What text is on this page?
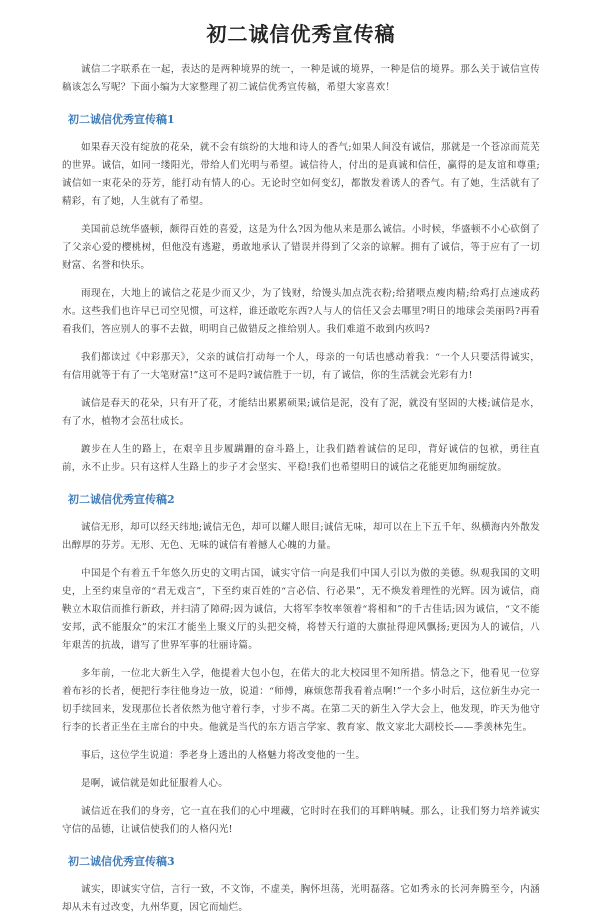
初二诚信优秀宣传稿

诚信二字联系在一起，表达的是两种境界的统一，一种是诚的境界，一种是信的境界。那么关于诚信宣传稿该怎么写呢？下面小编为大家整理了初二诚信优秀宣传稿，希望大家喜欢！

初二诚信优秀宣传稿1

如果春天没有绽放的花朵，就不会有缤纷的大地和诗人的香气;如果人间没有诚信，那就是一个苍凉而荒芜的世界。诚信，如同一缕阳光，带给人们光明与希望。诚信待人，付出的是真诚和信任，赢得的是友谊和尊重;诚信如一束花朵的芬芳，能打动有情人的心。无论时空如何变幻，都散发着诱人的香气。有了她，生活就有了精彩，有了她，人生就有了希望。

美国前总统华盛顿，颇得百姓的喜爱，这是为什么?因为他从来是那么诚信。小时候，华盛顿不小心砍倒了了父亲心爱的樱桃树，但他没有逃避，勇敢地承认了错误并得到了父亲的谅解。拥有了诚信，等于应有了一切财富、名誉和快乐。

雨现在，大地上的诚信之花是少而又少，为了钱财，给馒头加点洗衣粉;给猪喂点瘦肉精;给鸡打点速成药水。这些我们也许早已司空见惯，可这样，谁还敢吃东西?人与人的信任又会去哪里?明日的地球会美丽吗?再看看我们，答应别人的事不去做，明明自己做错反之推给别人。我们难道不敢到内疚吗?

我们都读过《中彩那天》，父亲的诚信打动每一个人，母亲的一句话也感动着我：“一个人只要活得诚实，有信用就等于有了一大笔财富!”这可不是吗?诚信胜于一切，有了诚信，你的生活就会光彩有力!

诚信是春天的花朵，只有开了花，才能结出累累硕果;诚信是泥，没有了泥，就没有坚固的大楼;诚信是水，有了水，植物才会茁壮成长。

踱步在人生的路上，在艰辛且步履蹒跚的奋斗路上，让我们踏着诚信的足印，背好诚信的包袱，勇往直前，永不止步。只有这样人生路上的步子才会坚实、平稳!我们也希望明日的诚信之花能更加绚丽绽放。

初二诚信优秀宣传稿2

诚信无形，却可以经天纬地;诚信无色，却可以耀人眼目;诚信无味，却可以在上下五千年、纵横海内外散发出醇厚的芬芳。无形、无色、无味的诚信有着撼人心魄的力量。

中国是个有着五千年悠久历史的文明古国，诚实守信一向是我们中国人引以为傲的美德。纵观我国的文明史，上至约束皇帝的“君无戏言”，下至约束百姓的“言必信、行必果”，无不焕发着理性的光辉。因为诚信，商鞅立木取信而推行新政，并扫清了障碍;因为诚信，大将军李牧率领着“将相和”的千古佳话;因为诚信，“文不能安邦，武不能服众”的宋江才能坐上聚义厅的头把交椅，将替天行道的大旗扯得迎风飘扬;更因为人的诚信，八年艰苦的抗战，谱写了世界军事的壮丽诗篇。

多年前，一位北大新生入学，他提着大包小包，在偌大的北大校园里不知所措。情急之下，他看见一位穿着布衫的长者，便把行李往他身边一放，说道：“师傅，麻烦您帮我看着点啊!”一个多小时后，这位新生办完一切手续回来，发现那位长者依然为他守着行李，寸步不离。在第二天的新生入学大会上，他发现，昨天为他守行李的长者正坐在主席台的中央。他就是当代的东方语言学家、教育家、散文家北大副校长——季羡林先生。

事后，这位学生说道：季老身上透出的人格魅力将改变他的一生。

是啊，诚信就是如此征服着人心。

诚信近在我们的身旁，它一直在我们的心中埋藏，它时时在我们的耳畔呐喊。那么，让我们努力培养诚实守信的品德，让诚信使我们的人格闪光!

初二诚信优秀宣传稿3

诚实，即诚实守信，言行一致，不文饰，不虚美，胸怀坦荡，光明磊落。它如秀永的长河奔腾至今，内涵却从未有过改变，九州华夏，因它而灿烂。
